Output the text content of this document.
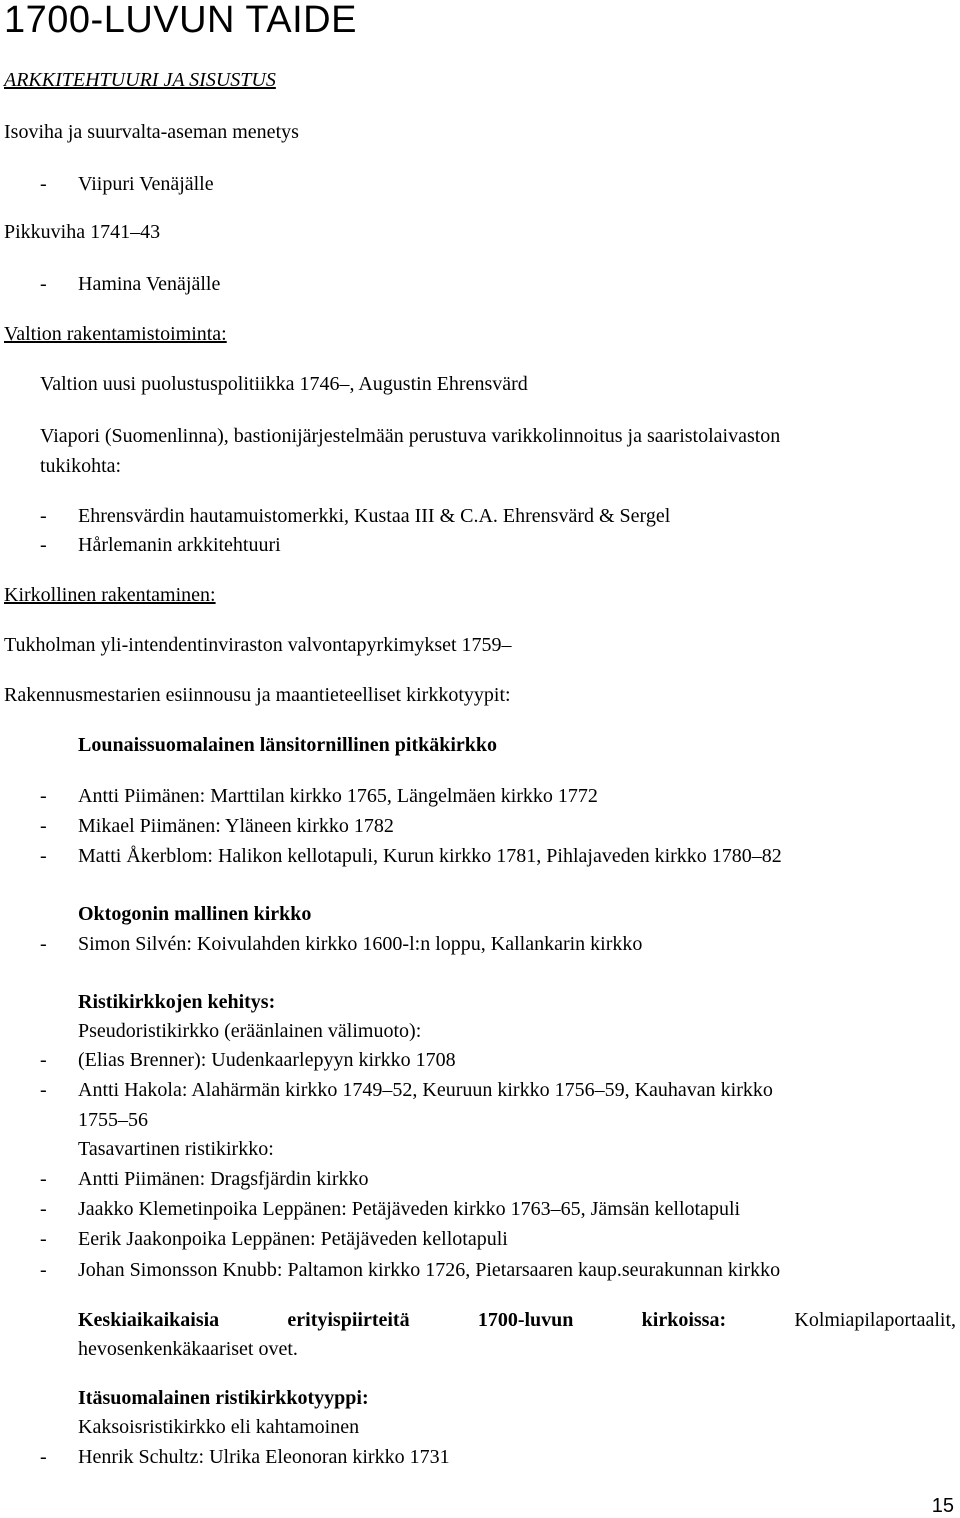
1700-LUVUN TAIDE
ARKKITEHTUURI JA SISUSTUS
Isoviha ja suurvalta-aseman menetys
- Viipuri Venäjälle
Pikkuviha 1741–43
- Hamina Venäjälle
Valtion rakentamistoiminta:
Valtion uusi puolustuspolitiikka 1746–, Augustin Ehrensvärd
Viapori (Suomenlinna), bastionijärjestelmään perustuva varikkolinnoitus ja saaristolaivaston
tukikohta:
- Ehrensvärdin hautamuistomerkki, Kustaa III & C.A. Ehrensvärd & Sergel
- Hårlemanin arkkitehtuuri
Kirkollinen rakentaminen:
Tukholman yli-intendentinviraston valvontapyrkimykset 1759–
Rakennusmestarien esiinnousu ja maantieteelliset kirkkotyypit:
Lounaissuomalainen länsitornillinen pitkäkirkko
- Antti Piimänen: Marttilan kirkko 1765, Längelmäen kirkko 1772
- Mikael Piimänen: Yläneen kirkko 1782
- Matti Åkerblom: Halikon kellotapuli, Kurun kirkko 1781, Pihlajaveden kirkko 1780–82
Oktogonin mallinen kirkko
- Simon Silvén: Koivulahden kirkko 1600-l:n loppu, Kallankarin kirkko
Ristikirkkojen kehitys:
Pseudoristikirkko (eräänlainen välimuoto):
- (Elias Brenner): Uudenkaarlepyyn kirkko 1708
- Antti Hakola: Alahärmän kirkko 1749–52, Keuruun kirkko 1756–59, Kauhavan kirkko
1755–56
Tasavartinen ristikirkko:
- Antti Piimänen: Dragsfjärdin kirkko
- Jaakko Klemetinpoika Leppänen: Petäjäveden kirkko 1763–65, Jämsän kellotapuli
- Eerik Jaakonpoika Leppänen: Petäjäveden kellotapuli
- Johan Simonsson Knubb: Paltamon kirkko 1726, Pietarsaaren kaup.seurakunnan kirkko
Keskiaikaikaisia erityispiirteitä 1700-luvun kirkoissa:	Kolmiapilaportaalit,
hevosenkenkäkaariset ovet.
Itäsuomalainen ristikirkkotyyppi:
Kaksoisristikirkko eli kahtamoinen
- Henrik Schultz: Ulrika Eleonoran kirkko 1731
15
